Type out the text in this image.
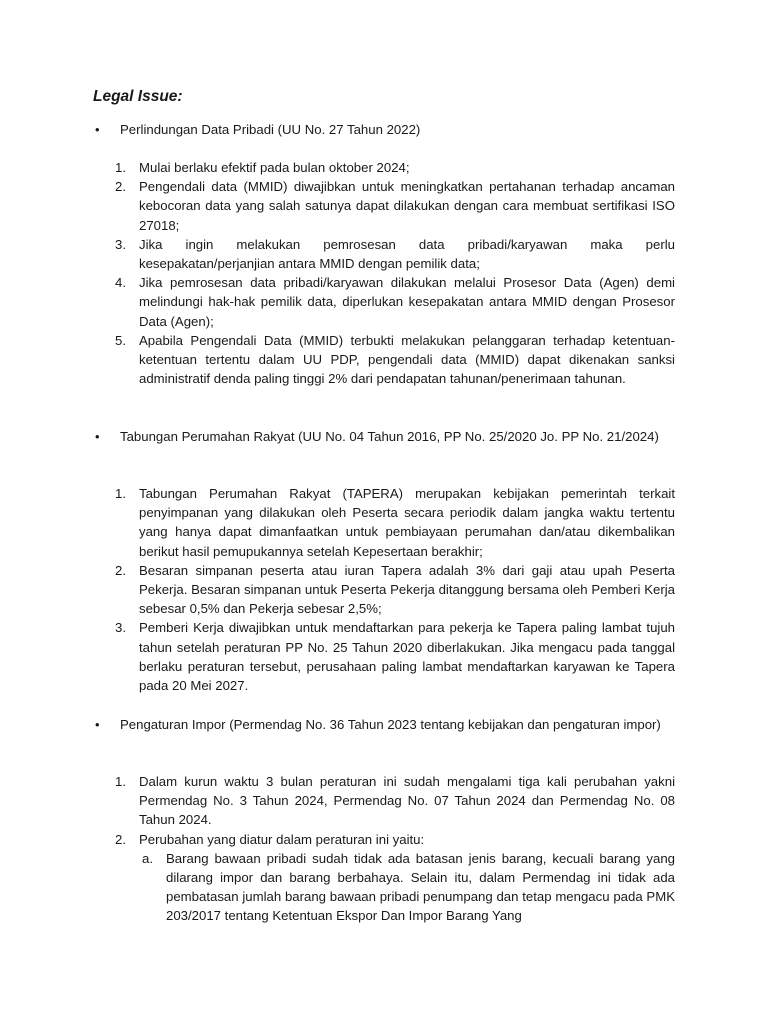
Legal Issue:
• Perlindungan Data Pribadi (UU No. 27 Tahun 2022)
1. Mulai berlaku efektif pada bulan oktober 2024;
2. Pengendali data (MMID) diwajibkan untuk meningkatkan pertahanan terhadap ancaman kebocoran data yang salah satunya dapat dilakukan dengan cara membuat sertifikasi ISO 27018;
3. Jika ingin melakukan pemrosesan data pribadi/karyawan maka perlu kesepakatan/perjanjian antara MMID dengan pemilik data;
4. Jika pemrosesan data pribadi/karyawan dilakukan melalui Prosesor Data (Agen) demi melindungi hak-hak pemilik data, diperlukan kesepakatan antara MMID dengan Prosesor Data (Agen);
5. Apabila Pengendali Data (MMID) terbukti melakukan pelanggaran terhadap ketentuan-ketentuan tertentu dalam UU PDP, pengendali data (MMID) dapat dikenakan sanksi administratif denda paling tinggi 2% dari pendapatan tahunan/penerimaan tahunan.
• Tabungan Perumahan Rakyat (UU No. 04 Tahun 2016, PP No. 25/2020 Jo. PP No. 21/2024)
1. Tabungan Perumahan Rakyat (TAPERA) merupakan kebijakan pemerintah terkait penyimpanan yang dilakukan oleh Peserta secara periodik dalam jangka waktu tertentu yang hanya dapat dimanfaatkan untuk pembiayaan perumahan dan/atau dikembalikan berikut hasil pemupukannya setelah Kepesertaan berakhir;
2. Besaran simpanan peserta atau iuran Tapera adalah 3% dari gaji atau upah Peserta Pekerja. Besaran simpanan untuk Peserta Pekerja ditanggung bersama oleh Pemberi Kerja sebesar 0,5% dan Pekerja sebesar 2,5%;
3. Pemberi Kerja diwajibkan untuk mendaftarkan para pekerja ke Tapera paling lambat tujuh tahun setelah peraturan PP No. 25 Tahun 2020 diberlakukan. Jika mengacu pada tanggal berlaku peraturan tersebut, perusahaan paling lambat mendaftarkan karyawan ke Tapera pada 20 Mei 2027.
• Pengaturan Impor (Permendag No. 36 Tahun 2023 tentang kebijakan dan pengaturan impor)
1. Dalam kurun waktu 3 bulan peraturan ini sudah mengalami tiga kali perubahan yakni Permendag No. 3 Tahun 2024, Permendag No. 07 Tahun 2024 dan Permendag No. 08 Tahun 2024.
2. Perubahan yang diatur dalam peraturan ini yaitu:
a. Barang bawaan pribadi sudah tidak ada batasan jenis barang, kecuali barang yang dilarang impor dan barang berbahaya. Selain itu, dalam Permendag ini tidak ada pembatasan jumlah barang bawaan pribadi penumpang dan tetap mengacu pada PMK 203/2017 tentang Ketentuan Ekspor Dan Impor Barang Yang
